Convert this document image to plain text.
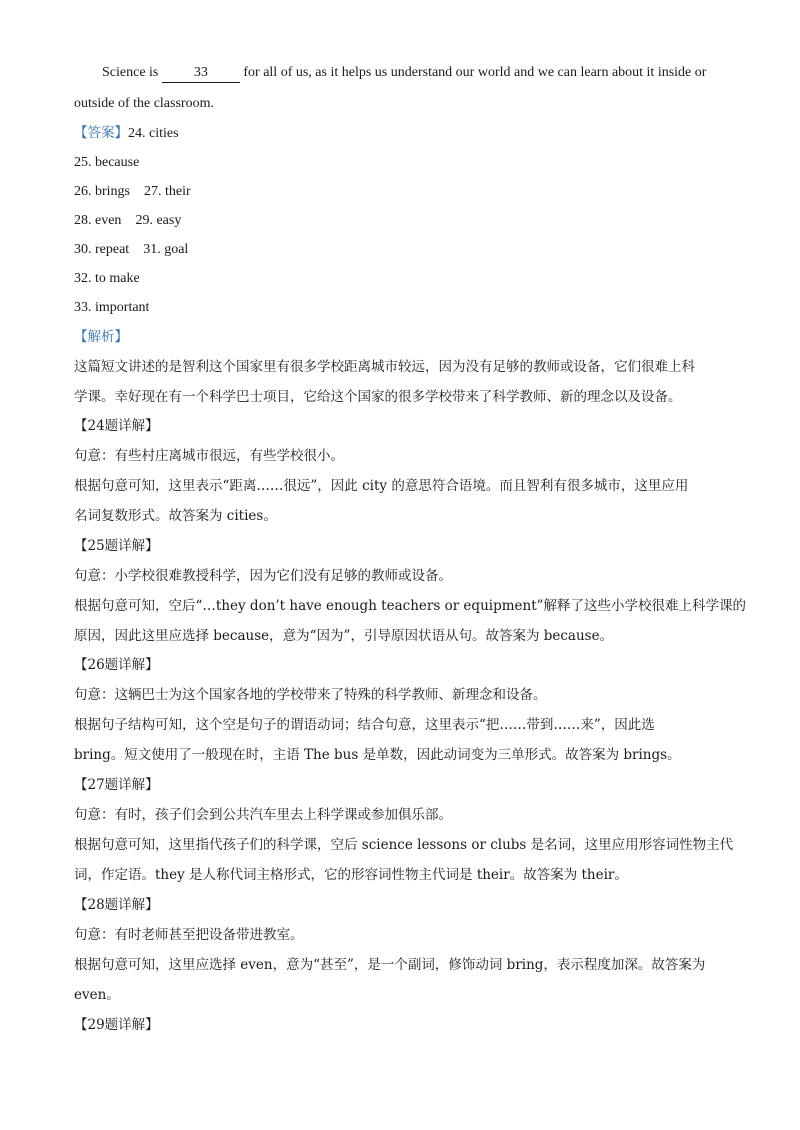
Science is	33	for all of us, as it helps us understand our world and we can learn about it inside or
outside of the classroom.
【答案】24. cities
25. because
26. brings 27. their
28. even 29. easy
30. repeat 31. goal
32. to make
33. important
【解析】
这篇短文讲述的是智利这个国家里有很多学校距离城市较远，因为没有足够的教师或设备，它们很难上科
学课。幸好现在有一个科学巴士项目，它给这个国家的很多学校带来了科学教师、新的理念以及设备。
【24题详解】
句意：有些村庄离城市很远，有些学校很小。
根据句意可知，这里表示“距离……很远”，因此 city 的意思符合语境。而且智利有很多城市，这里应用
名词复数形式。故答案为 cities。
【25题详解】
句意：小学校很难教授科学，因为它们没有足够的教师或设备。
根据句意可知，空后“…they don’t have enough teachers or equipment”解释了这些小学校很难上科学课的
原因，因此这里应选择 because，意为“因为”，引导原因状语从句。故答案为 because。
【26题详解】
句意：这辆巴士为这个国家各地的学校带来了特殊的科学教师、新理念和设备。
根据句子结构可知，这个空是句子的谓语动词；结合句意，这里表示“把……带到……来”，因此选
bring。短文使用了一般现在时，主语 The bus 是单数，因此动词变为三单形式。故答案为 brings。
【27题详解】
句意：有时，孩子们会到公共汽车里去上科学课或参加俱乐部。
根据句意可知，这里指代孩子们的科学课，空后 science lessons or clubs 是名词，这里应用形容词性物主代
词，作定语。they 是人称代词主格形式，它的形容词性物主代词是 their。故答案为 their。
【28题详解】
句意：有时老师甚至把设备带进教室。
根据句意可知，这里应选择 even，意为“甚至”，是一个副词，修饰动词 bring，表示程度加深。故答案为
even。
【29题详解】
